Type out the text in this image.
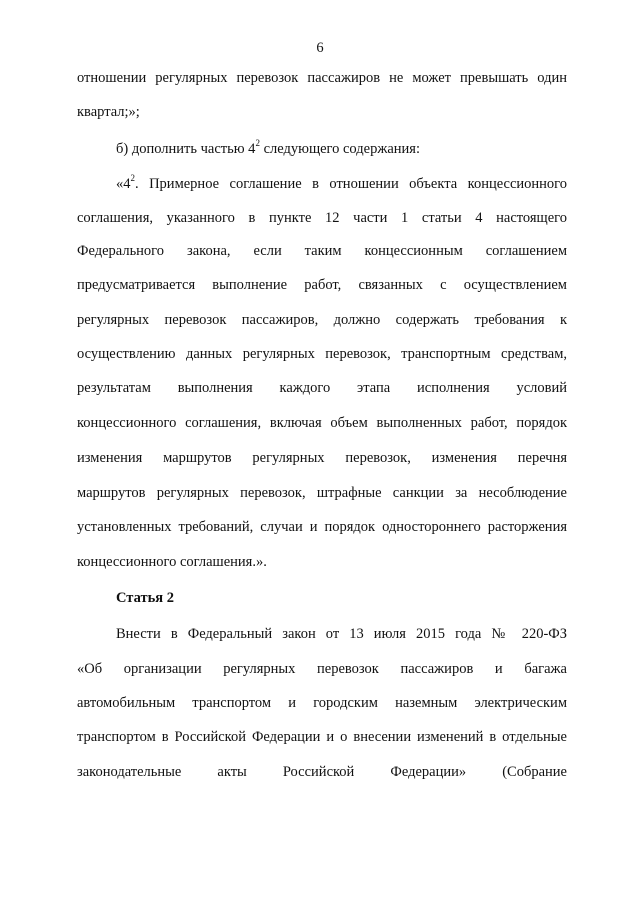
6
отношении регулярных перевозок пассажиров не может превышать один
квартал;»;
б) дополнить частью $4^2$ следующего содержания:
«$4^2$. Примерное соглашение в отношении объекта концессионного
соглашения, указанного в пункте 12 части 1 статьи 4 настоящего
Федерального закона, если таким концессионным соглашением
предусматривается выполнение работ, связанных с осуществлением
регулярных перевозок пассажиров, должно содержать требования к
осуществлению данных регулярных перевозок, транспортным средствам,
результатам выполнения каждого этапа исполнения условий
концессионного соглашения, включая объем выполненных работ, порядок
изменения маршрутов регулярных перевозок, изменения перечня
маршрутов регулярных перевозок, штрафные санкции за несоблюдение
установленных требований, случаи и порядок одностороннего расторжения
концессионного соглашения.».
Статья 2
Внести в Федеральный закон от 13 июля 2015 года № 220-ФЗ
«Об организации регулярных перевозок пассажиров и багажа
автомобильным транспортом и городским наземным электрическим
транспортом в Российской Федерации и о внесении изменений в отдельные
законодательные акты Российской Федерации» (Собрание
